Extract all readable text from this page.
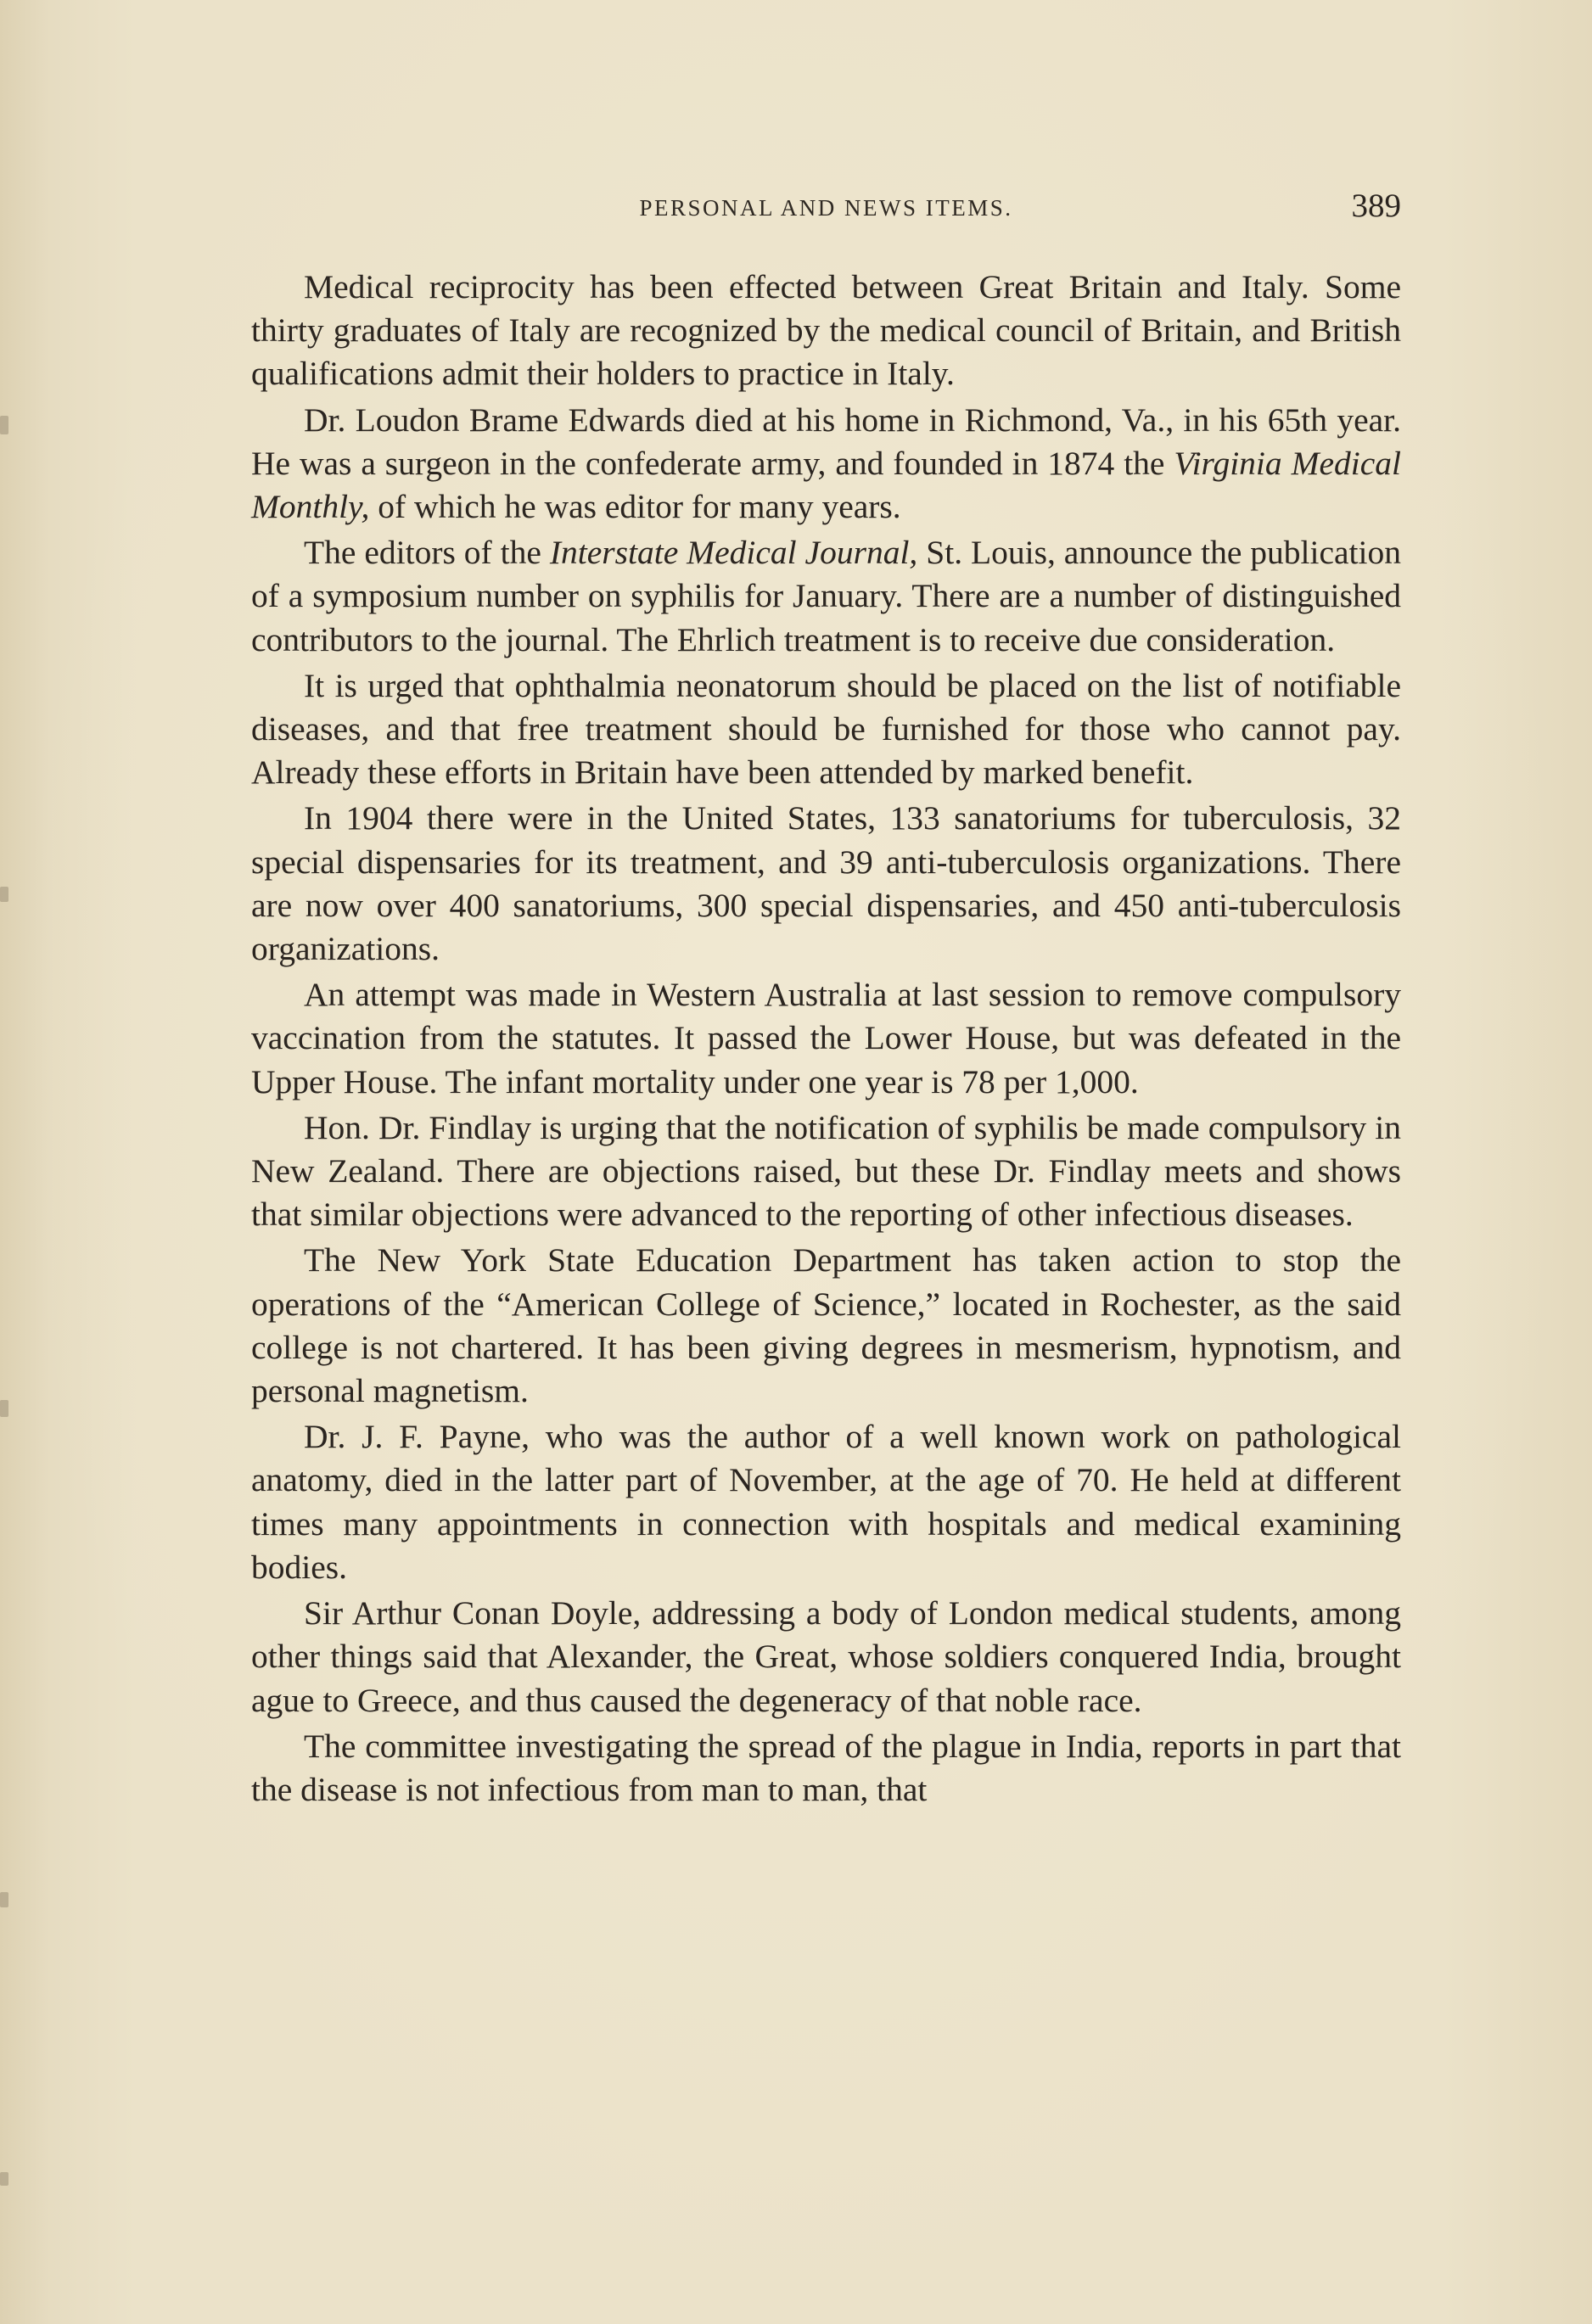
PERSONAL AND NEWS ITEMS.	389

Medical reciprocity has been effected between Great Britain and Italy. Some thirty graduates of Italy are recognized by the medical council of Britain, and British qualifications admit their holders to practice in Italy.

Dr. Loudon Brame Edwards died at his home in Richmond, Va., in his 65th year. He was a surgeon in the confederate army, and founded in 1874 the Virginia Medical Monthly, of which he was editor for many years.

The editors of the Interstate Medical Journal, St. Louis, announce the publication of a symposium number on syphilis for January. There are a number of distinguished contributors to the journal. The Ehrlich treatment is to receive due consideration.

It is urged that ophthalmia neonatorum should be placed on the list of notifiable diseases, and that free treatment should be furnished for those who cannot pay. Already these efforts in Britain have been attended by marked benefit.

In 1904 there were in the United States, 133 sanatoriums for tuberculosis, 32 special dispensaries for its treatment, and 39 anti-tuberculosis organizations. There are now over 400 sanatoriums, 300 special dispensaries, and 450 anti-tuberculosis organizations.

An attempt was made in Western Australia at last session to remove compulsory vaccination from the statutes. It passed the Lower House, but was defeated in the Upper House. The infant mortality under one year is 78 per 1,000.

Hon. Dr. Findlay is urging that the notification of syphilis be made compulsory in New Zealand. There are objections raised, but these Dr. Findlay meets and shows that similar objections were advanced to the reporting of other infectious diseases.

The New York State Education Department has taken action to stop the operations of the “American College of Science,” located in Rochester, as the said college is not chartered. It has been giving degrees in mesmerism, hypnotism, and personal magnetism.

Dr. J. F. Payne, who was the author of a well known work on pathological anatomy, died in the latter part of November, at the age of 70. He held at different times many appointments in connection with hospitals and medical examining bodies.

Sir Arthur Conan Doyle, addressing a body of London medical students, among other things said that Alexander, the Great, whose soldiers conquered India, brought ague to Greece, and thus caused the degeneracy of that noble race.

The committee investigating the spread of the plague in India, reports in part that the disease is not infectious from man to man, that
